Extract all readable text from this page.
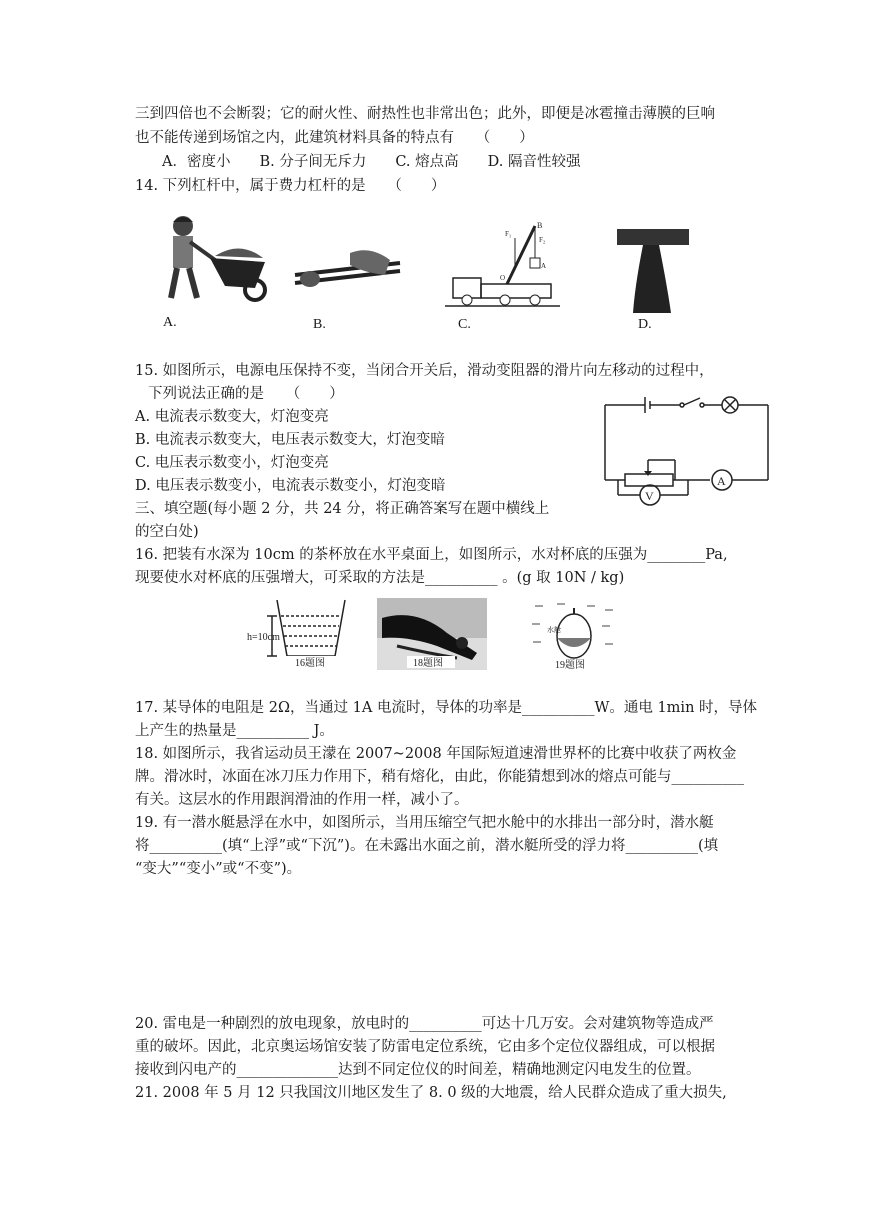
三到四倍也不会断裂；它的耐火性、耐热性也非常出色；此外，即便是冰雹撞击薄膜的巨响
也不能传递到场馆之内，此建筑材料具备的特点有　　（　　）
A．密度小　　B. 分子间无斥力　　C. 熔点高　　D. 隔音性较强
14. 下列杠杆中，属于费力杠杆的是　　（　　）
A.	B.
B
F₁
F₂
O
A
C.	D.
15. 如图所示，电源电压保持不变，当闭合开关后，滑动变阻器的滑片向左移动的过程中，
下列说法正确的是　　（　　）
A. 电流表示数变大，灯泡变亮
B. 电流表示数变大，电压表示数变大，灯泡变暗
C. 电压表示数变小，灯泡变亮
D. 电压表示数变小，电流表示数变小，灯泡变暗	A
V
三、填空题(每小题 2 分，共 24 分，将正确答案写在题中横线上
的空白处)
16. 把装有水深为 10cm 的茶杯放在水平桌面上，如图所示，水对杯底的压强为________Pa,
现要使水对杯底的压强增大，可采取的方法是__________ 。(g 取 10N / kg)
h=10cm
16题图	18题图
水舱
19题图
17. 某导体的电阻是 2Ω，当通过 1A 电流时，导体的功率是__________W。通电 1min 时，导体
上产生的热量是__________ J。
18. 如图所示，我省运动员王濛在 2007~2008 年国际短道速滑世界杯的比赛中收获了两枚金
牌。滑冰时，冰面在冰刀压力作用下，稍有熔化，由此，你能猜想到冰的熔点可能与__________
有关。这层水的作用跟润滑油的作用一样，减小了。
19. 有一潜水艇悬浮在水中，如图所示，当用压缩空气把水舱中的水排出一部分时，潜水艇
将__________(填“上浮”或“下沉”)。在未露出水面之前，潜水艇所受的浮力将__________(填
“变大”“变小”或“不变”)。
20. 雷电是一种剧烈的放电现象，放电时的__________可达十几万安。会对建筑物等造成严
重的破坏。因此，北京奥运场馆安装了防雷电定位系统，它由多个定位仪器组成，可以根据
接收到闪电产的______________达到不同定位仪的时间差，精确地测定闪电发生的位置。
21. 2008 年 5 月 12 只我国汶川地区发生了 8. 0 级的大地震，给人民群众造成了重大损失,
